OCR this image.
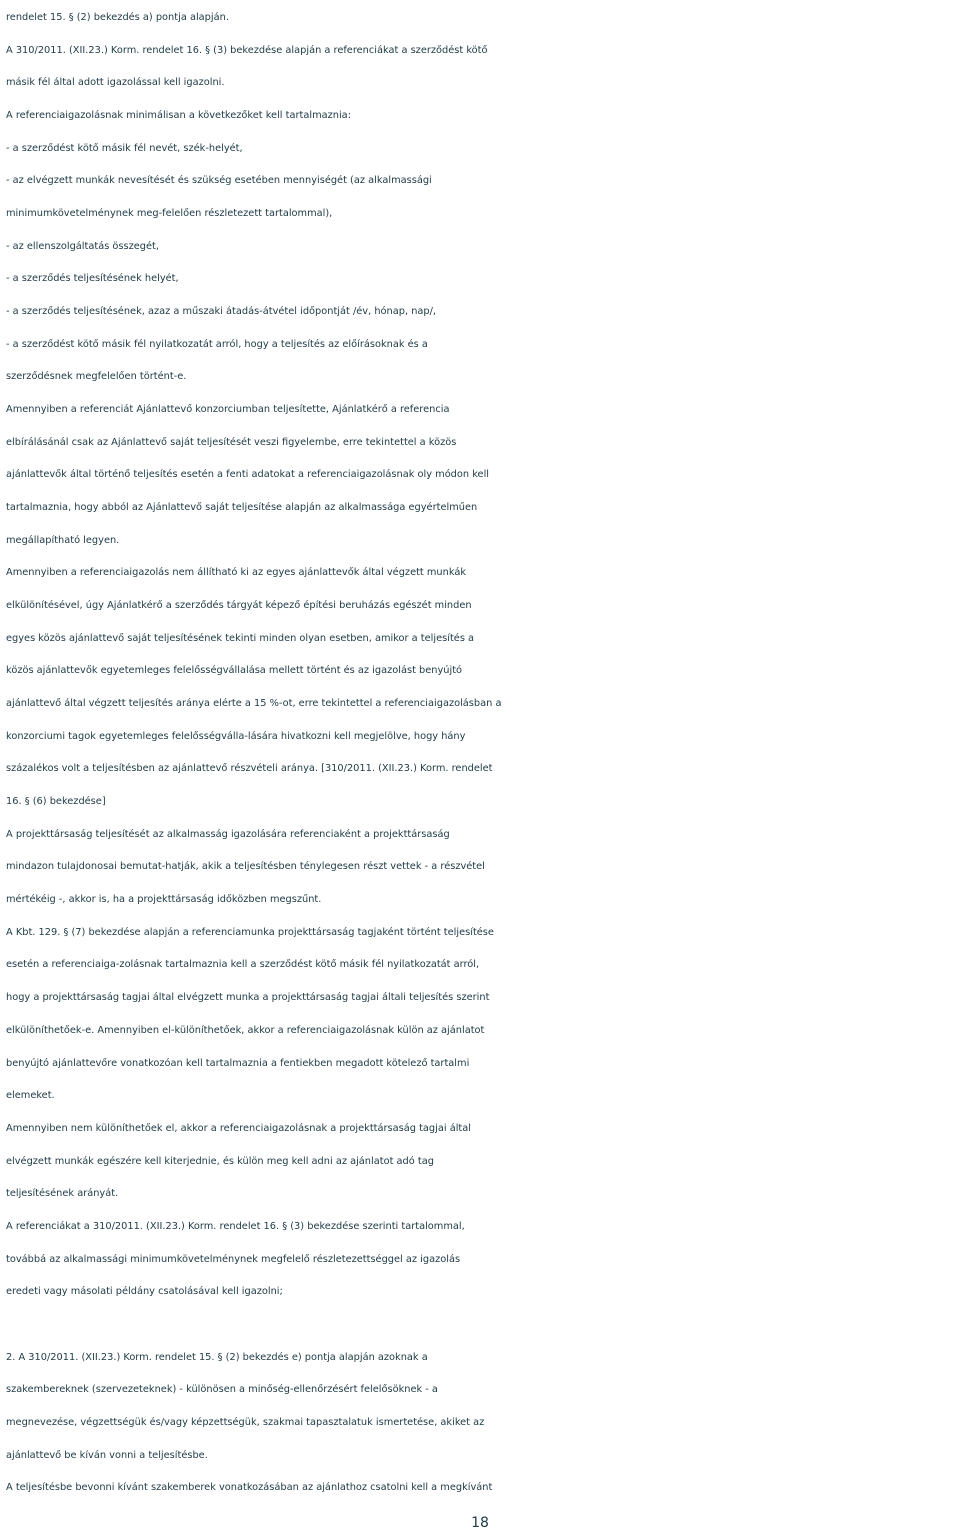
rendelet 15. § (2) bekezdés a) pontja alapján.
A 310/2011. (XII.23.) Korm. rendelet 16. § (3) bekezdése alapján a referenciákat a szerződést kötő
másik fél által adott igazolással kell igazolni.
A referenciaigazolásnak minimálisan a következőket kell tartalmaznia:
- a szerződést kötő másik fél nevét, szék-helyét,
- az elvégzett munkák nevesítését és szükség esetében mennyiségét (az alkalmassági
minimumkövetelménynek meg-felelően részletezett tartalommal),
- az ellenszolgáltatás összegét,
- a szerződés teljesítésének helyét,
- a szerződés teljesítésének, azaz a műszaki átadás-átvétel időpontját /év, hónap, nap/,
- a szerződést kötő másik fél nyilatkozatát arról, hogy a teljesítés az előírásoknak és a
szerződésnek megfelelően történt-e.
Amennyiben a referenciát Ajánlattevő konzorciumban teljesítette, Ajánlatkérő a referencia
elbírálásánál csak az Ajánlattevő saját teljesítését veszi figyelembe, erre tekintettel a közös
ajánlattevők által történő teljesítés esetén a fenti adatokat a referenciaigazolásnak oly módon kell
tartalmaznia, hogy abból az Ajánlattevő saját teljesítése alapján az alkalmassága egyértelműen
megállapítható legyen.
Amennyiben a referenciaigazolás nem állítható ki az egyes ajánlattevők által végzett munkák
elkülönítésével, úgy Ajánlatkérő a szerződés tárgyát képező építési beruházás egészét minden
egyes közös ajánlattevő saját teljesítésének tekinti minden olyan esetben, amikor a teljesítés a
közös ajánlattevők egyetemleges felelősségvállalása mellett történt és az igazolást benyújtó
ajánlattevő által végzett teljesítés aránya elérte a 15 %-ot, erre tekintettel a referenciaigazolásban a
konzorciumi tagok egyetemleges felelősségválla-lására hivatkozni kell megjelölve, hogy hány
százalékos volt a teljesítésben az ajánlattevő részvételi aránya. [310/2011. (XII.23.) Korm. rendelet
16. § (6) bekezdése]
A projekttársaság teljesítését az alkalmasság igazolására referenciaként a projekttársaság
mindazon tulajdonosai bemutat-hatják, akik a teljesítésben ténylegesen részt vettek - a részvétel
mértékéig -, akkor is, ha a projekttársaság időközben megszűnt.
A Kbt. 129. § (7) bekezdése alapján a referenciamunka projekttársaság tagjaként történt teljesítése
esetén a referenciaiga-zolásnak tartalmaznia kell a szerződést kötő másik fél nyilatkozatát arról,
hogy a projekttársaság tagjai által elvégzett munka a projekttársaság tagjai általi teljesítés szerint
elkülöníthetőek-e. Amennyiben el-különíthetőek, akkor a referenciaigazolásnak külön az ajánlatot
benyújtó ajánlattevőre vonatkozóan kell tartalmaznia a fentiekben megadott kötelező tartalmi
elemeket.
Amennyiben nem különíthetőek el, akkor a referenciaigazolásnak a projekttársaság tagjai által
elvégzett munkák egészére kell kiterjednie, és külön meg kell adni az ajánlatot adó tag
teljesítésének arányát.
A referenciákat a 310/2011. (XII.23.) Korm. rendelet 16. § (3) bekezdése szerinti tartalommal,
továbbá az alkalmassági minimumkövetelménynek megfelelő részletezettséggel az igazolás
eredeti vagy másolati példány csatolásával kell igazolni;
2. A 310/2011. (XII.23.) Korm. rendelet 15. § (2) bekezdés e) pontja alapján azoknak a
szakembereknek (szervezeteknek) - különösen a minőség-ellenőrzésért felelősöknek - a
megnevezése, végzettségük és/vagy képzettségük, szakmai tapasztalatuk ismertetése, akiket az
ajánlattevő be kíván vonni a teljesítésbe.
A teljesítésbe bevonni kívánt szakemberek vonatkozásában az ajánlathoz csatolni kell a megkívánt
18
